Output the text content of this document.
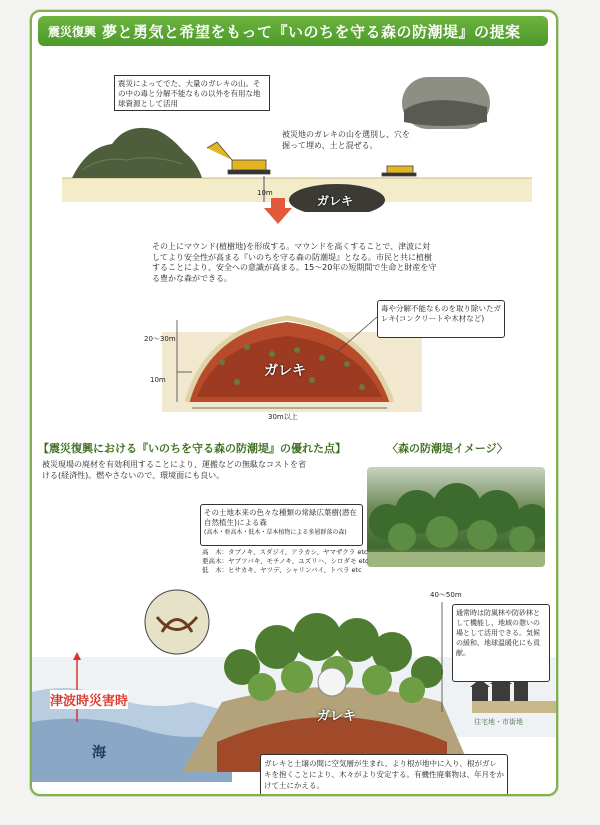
震災復興 夢と勇気と希望をもって『いのちを守る森の防潮堤』の提案
震災によってでた、大量のガレキの山。その中の毒と分解不能なもの以外を有用な地球資源として活用
被災地のガレキの山を選別し、穴を掘って埋め、土と混ぜる。
10m
ガレキ
その上にマウンド(植樹地)を形成する。マウンドを高くすることで、津波に対してより安全性が高まる『いのちを守る森の防潮堤』となる。市民と共に植樹することにより、安全への意識が高まる。15～20年の短期間で生命と財産を守る豊かな森ができる。
毒や分解不能なものを取り除いたガレキ(コンクリートや木材など)
20～30m
10m
ガレキ
30m以上
【震災復興における『いのちを守る森の防潮堤』の優れた点】	〈森の防潮堤イメージ〉
被災現場の廃材を有効利用することにより、運搬などの無駄なコストを省ける(経済性)。燃やさないので、環境面にも良い。
その土地本来の色々な種類の常緑広葉樹(潜在自然植生)による森
(高木・亜高木・低木・草本植物による多層群落の森)
高　木：タブノキ、スダジイ、アラカシ、ヤマザクラ etc
亜高木：ヤブツバキ、モチノキ、ユズリハ、シロダモ etc
低　木：ヒサカキ、ヤツデ、シャリンバイ、トベラ etc
40～50m
通常時は防風林や防砂林として機能し、地域の憩いの場として活用できる。気候の緩和、地球温暖化にも貢献。
津波時災害時
海
住宅地・市街地
ガレキ
ガレキと土壌の間に空気層が生まれ、より根が地中に入り、根がガレキを抱くことにより、木々がより安定する。有機性廃棄物は、年月をかけて土にかえる。
